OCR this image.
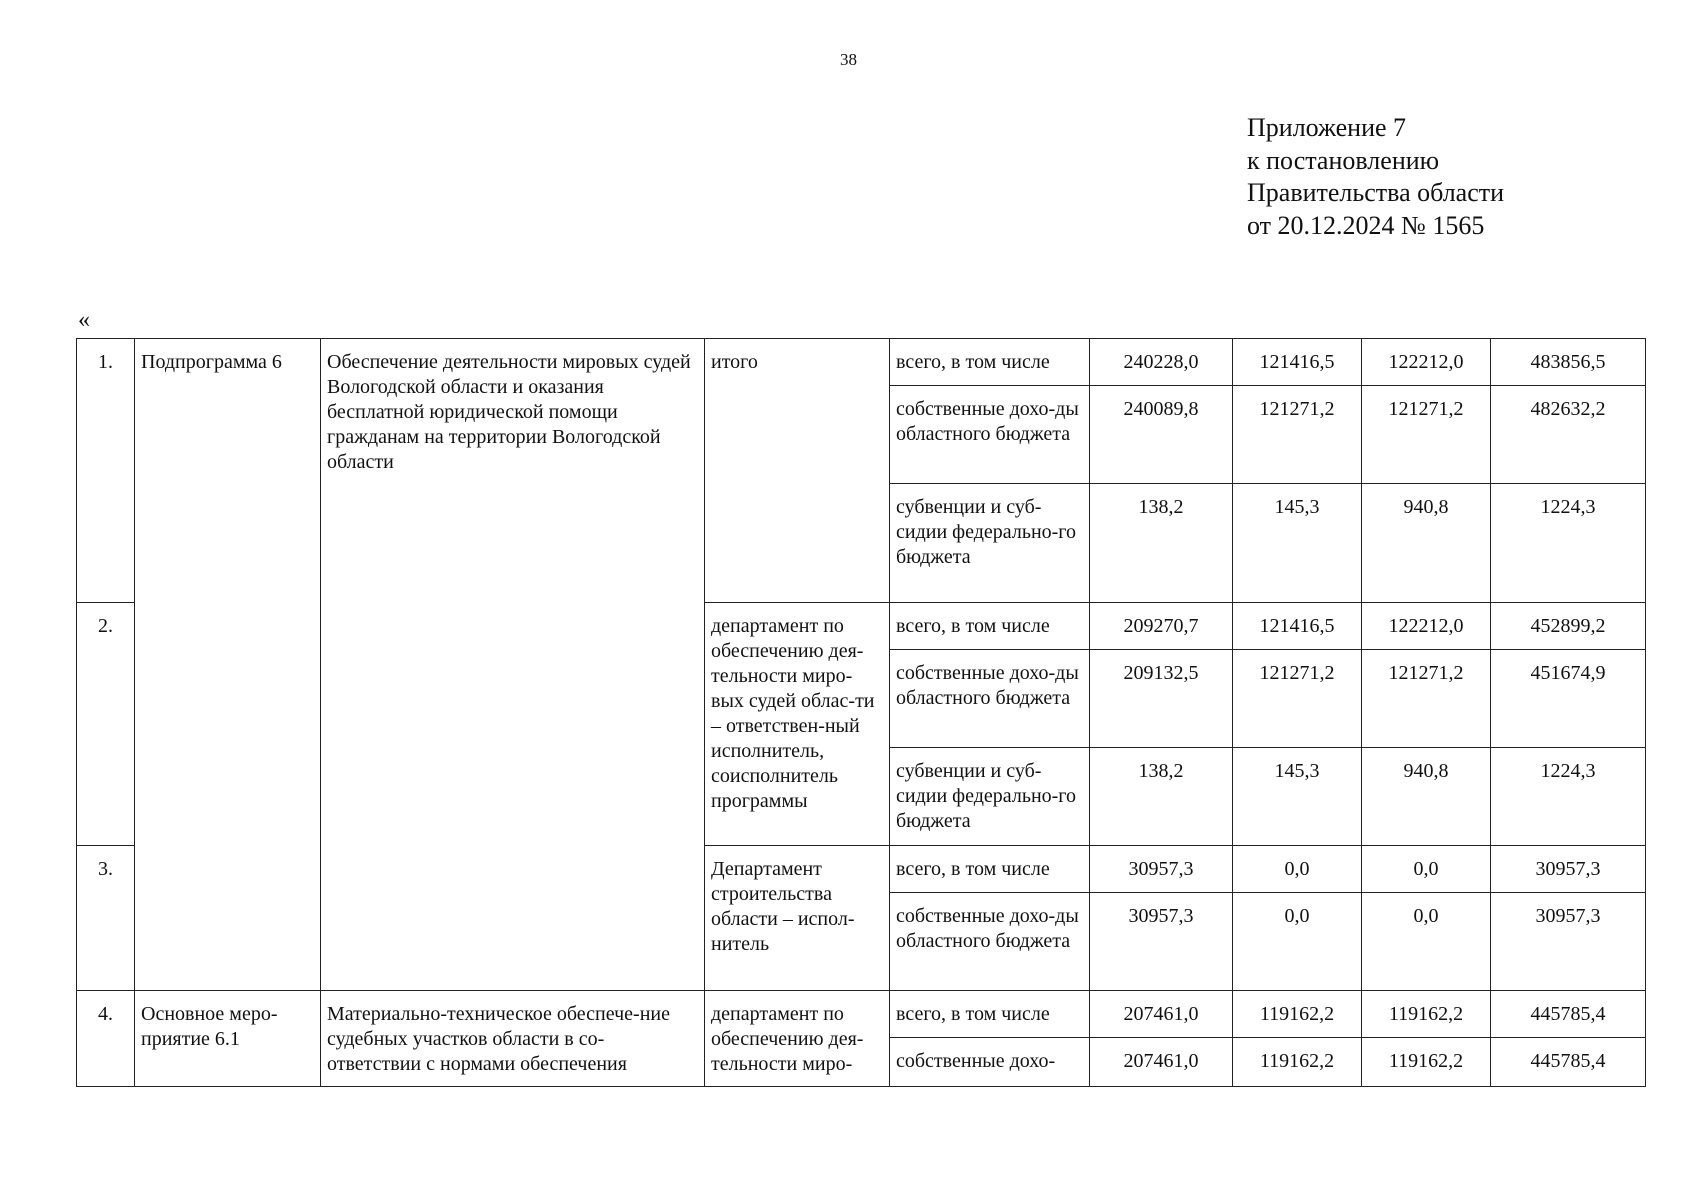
38
Приложение 7
к постановлению
Правительства области
от 20.12.2024 № 1565
«
1.	Подпрограмма 6	Обеспечение деятельности мировых судей Вологодской области и оказания бесплатной юридической помощи гражданам на территории Вологодской области	итого	всего, в том числе	240228,0	121416,5	122212,0	483856,5
				собственные дохо-ды областного бюджета	240089,8	121271,2	121271,2	482632,2
				субвенции и суб-сидии федерально-го бюджета	138,2	145,3	940,8	1224,3
2.			департамент по обеспечению дея-тельности миро-вых судей облас-ти – ответствен-ный исполнитель, соисполнитель программы	всего, в том числе	209270,7	121416,5	122212,0	452899,2
				собственные дохо-ды областного бюджета	209132,5	121271,2	121271,2	451674,9
				субвенции и суб-сидии федерально-го бюджета	138,2	145,3	940,8	1224,3
3.			Департамент строительства области – испол-нитель	всего, в том числе	30957,3	0,0	0,0	30957,3
				собственные дохо-ды областного бюджета	30957,3	0,0	0,0	30957,3
4.	Основное меро-приятие 6.1	Материально-техническое обеспече-ние судебных участков области в со-ответствии с нормами обеспечения	департамент по обеспечению дея-тельности миро-	всего, в том числе	207461,0	119162,2	119162,2	445785,4
				собственные дохо-	207461,0	119162,2	119162,2	445785,4
